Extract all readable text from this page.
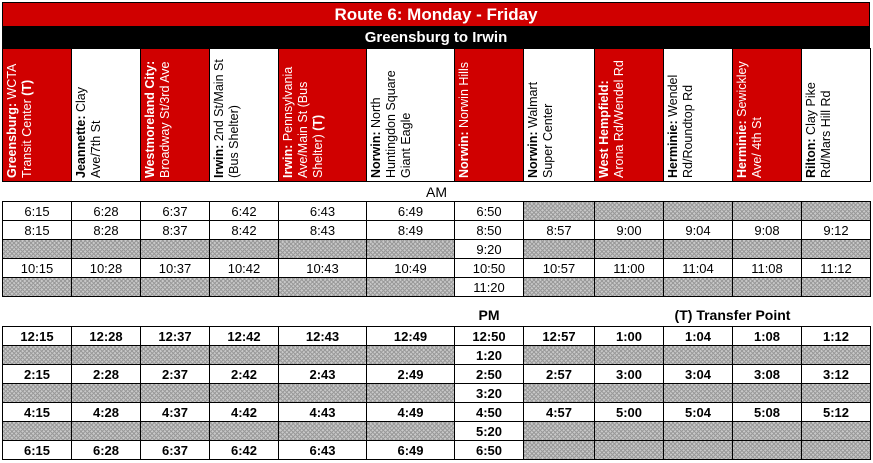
Route 6: Monday - Friday
Greensburg to Irwin
Greensburg: WCTA Transit Center (T)	Jeannette: Clay Ave/7th St	Westmoreland City: Broadway St/3rd Ave	Irwin: 2nd St/Main St (Bus Shelter)	Irwin: Pennsylvania Ave/Main St (Bus Shelter) (T)	Norwin: North Huntingdon Square Giant Eagle	Norwin: Norwin Hills	Norwin: Walmart Super Center	West Hempfield: Arona Rd/Wendel Rd	Herminie: Wendel Rd/Roundtop Rd	Herminie: Sewickley Ave/ 4th St	Rilton: Clay Pike Rd/Mars Hill Rd

AM											
6:15	6:28	6:37	6:42	6:43	6:49	6:50					
8:15	8:28	8:37	8:42	8:43	8:49	8:50	8:57	9:00	9:04	9:08	9:12
						9:20					
10:15	10:28	10:37	10:42	10:43	10:49	10:50	10:57	11:00	11:04	11:08	11:12
						11:20					

						PM		(T) Transfer Point			
12:15	12:28	12:37	12:42	12:43	12:49	12:50	12:57	1:00	1:04	1:08	1:12
						1:20					
2:15	2:28	2:37	2:42	2:43	2:49	2:50	2:57	3:00	3:04	3:08	3:12
						3:20					
4:15	4:28	4:37	4:42	4:43	4:49	4:50	4:57	5:00	5:04	5:08	5:12
						5:20					
6:15	6:28	6:37	6:42	6:43	6:49	6:50					
